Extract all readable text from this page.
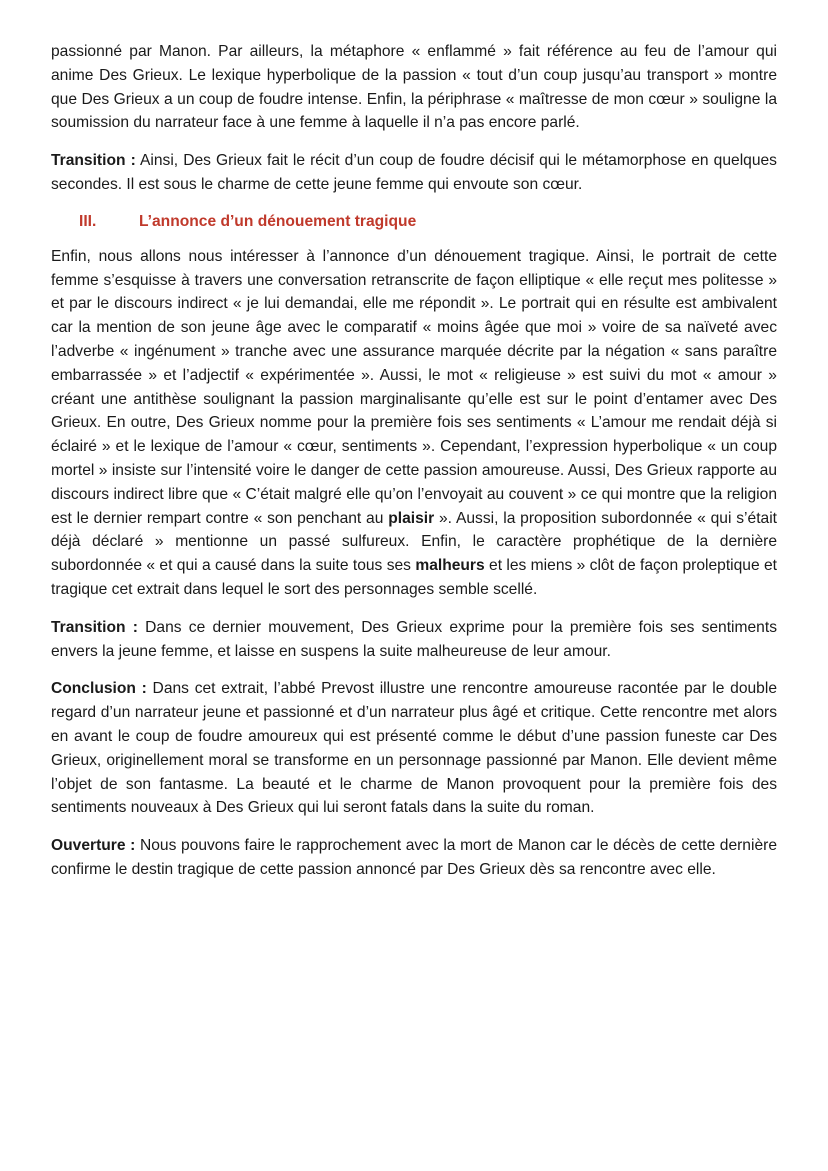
passionné par Manon. Par ailleurs, la métaphore « enflammé » fait référence au feu de l’amour qui anime Des Grieux. Le lexique hyperbolique de la passion « tout d’un coup jusqu’au transport » montre que Des Grieux a un coup de foudre intense. Enfin, la périphrase « maîtresse de mon cœur » souligne la soumission du narrateur face à une femme à laquelle il n’a pas encore parlé.

Transition : Ainsi, Des Grieux fait le récit d’un coup de foudre décisif qui le métamorphose en quelques secondes. Il est sous le charme de cette jeune femme qui envoute son cœur.

III.	L’annonce d’un dénouement tragique

Enfin, nous allons nous intéresser à l’annonce d’un dénouement tragique. Ainsi, le portrait de cette femme s’esquisse à travers une conversation retranscrite de façon elliptique « elle reçut mes politesse » et par le discours indirect « je lui demandai, elle me répondit ». Le portrait qui en résulte est ambivalent car la mention de son jeune âge avec le comparatif « moins âgée que moi » voire de sa naïveté avec l’adverbe « ingénument » tranche avec une assurance marquée décrite par la négation « sans paraître embarrassée » et l’adjectif « expérimentée ». Aussi, le mot « religieuse » est suivi du mot « amour » créant une antithèse soulignant la passion marginalisante qu’elle est sur le point d’entamer avec Des Grieux. En outre, Des Grieux nomme pour la première fois ses sentiments « L’amour me rendait déjà si éclairé » et le lexique de l’amour « cœur, sentiments ». Cependant, l’expression hyperbolique « un coup mortel » insiste sur l’intensité voire le danger de cette passion amoureuse. Aussi, Des Grieux rapporte au discours indirect libre que « C’était malgré elle qu’on l’envoyait au couvent » ce qui montre que la religion est le dernier rempart contre « son penchant au plaisir ». Aussi, la proposition subordonnée « qui s’était déjà déclaré » mentionne un passé sulfureux. Enfin, le caractère prophétique de la dernière subordonnée « et qui a causé dans la suite tous ses malheurs et les miens » clôt de façon proleptique et tragique cet extrait dans lequel le sort des personnages semble scellé.

Transition : Dans ce dernier mouvement, Des Grieux exprime pour la première fois ses sentiments envers la jeune femme, et laisse en suspens la suite malheureuse de leur amour.

Conclusion : Dans cet extrait, l’abbé Prevost illustre une rencontre amoureuse racontée par le double regard d’un narrateur jeune et passionné et d’un narrateur plus âgé et critique. Cette rencontre met alors en avant le coup de foudre amoureux qui est présenté comme le début d’une passion funeste car Des Grieux, originellement moral se transforme en un personnage passionné par Manon. Elle devient même l’objet de son fantasme. La beauté et le charme de Manon provoquent pour la première fois des sentiments nouveaux à Des Grieux qui lui seront fatals dans la suite du roman.

Ouverture : Nous pouvons faire le rapprochement avec la mort de Manon car le décès de cette dernière confirme le destin tragique de cette passion annoncé par Des Grieux dès sa rencontre avec elle.
